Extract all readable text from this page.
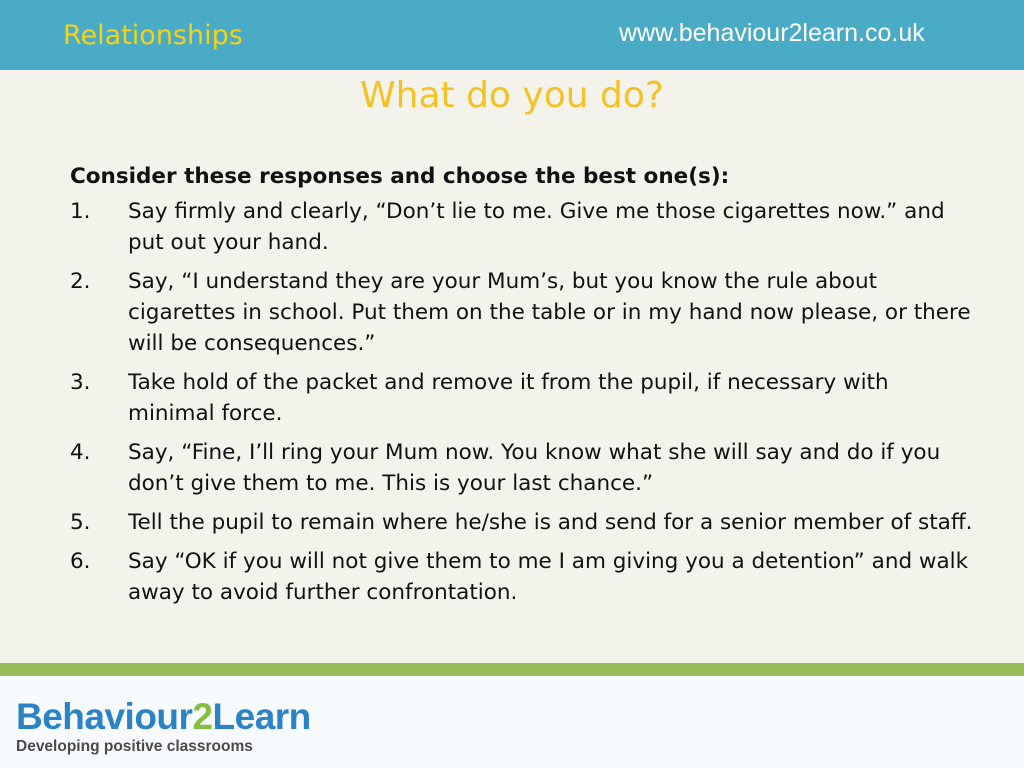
Relationships	www.behaviour2learn.co.uk
What do you do?

Consider these responses and choose the best one(s):

1. Say firmly and clearly, “Don’t lie to me. Give me those cigarettes now.” and put out your hand.
2. Say, “I understand they are your Mum’s, but you know the rule about cigarettes in school. Put them on the table or in my hand now please, or there will be consequences.”
3. Take hold of the packet and remove it from the pupil, if necessary with minimal force.
4. Say, “Fine, I’ll ring your Mum now. You know what she will say and do if you don’t give them to me. This is your last chance.”
5. Tell the pupil to remain where he/she is and send for a senior member of staff.
6. Say “OK if you will not give them to me I am giving you a detention” and walk away to avoid further confrontation.
Behaviour2Learn
Developing positive classrooms
